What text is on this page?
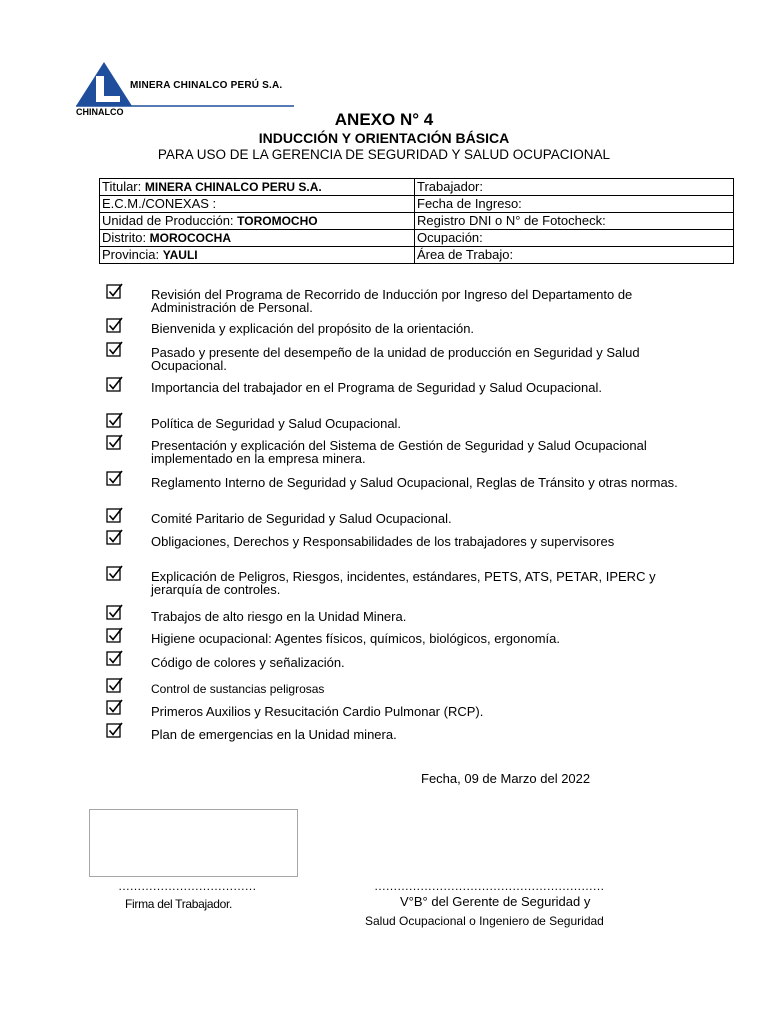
MINERA CHINALCO PERÚ S.A.
CHINALCO	ANEXO N° 4
INDUCCIÓN Y ORIENTACIÓN BÁSICA
PARA USO DE LA GERENCIA DE SEGURIDAD Y SALUD OCUPACIONAL
Titular: MINERA CHINALCO PERU S.A.	Trabajador:
E.C.M./CONEXAS :	Fecha de Ingreso:
Unidad de Producción: TOROMOCHO	Registro DNI o N° de Fotocheck:
Distrito: MOROCOCHA	Ocupación:
Provincia: YAULI	Área de Trabajo:
Revisión del Programa de Recorrido de Inducción por Ingreso del Departamento de Administración de Personal.
Bienvenida y explicación del propósito de la orientación.
Pasado y presente del desempeño de la unidad de producción en Seguridad y Salud Ocupacional.
Importancia del trabajador en el Programa de Seguridad y Salud Ocupacional.
Política de Seguridad y Salud Ocupacional.
Presentación y explicación del Sistema de Gestión de Seguridad y Salud Ocupacional implementado en la empresa minera.
Reglamento Interno de Seguridad y Salud Ocupacional, Reglas de Tránsito y otras normas.
Comité Paritario de Seguridad y Salud Ocupacional.
Obligaciones, Derechos y Responsabilidades de los trabajadores y supervisores
Explicación de Peligros, Riesgos, incidentes, estándares, PETS, ATS, PETAR, IPERC y jerarquía de controles.
Trabajos de alto riesgo en la Unidad Minera.
Higiene ocupacional: Agentes físicos, químicos, biológicos, ergonomía.
Código de colores y señalización.
Control de sustancias peligrosas
Primeros Auxilios y Resucitación Cardio Pulmonar (RCP).
Plan de emergencias en la Unidad minera.
Fecha, 09 de Marzo del 2022
………………………………	……………………………………………………
Firma del Trabajador.	V°B° del Gerente de Seguridad y
Salud Ocupacional o Ingeniero de Seguridad
